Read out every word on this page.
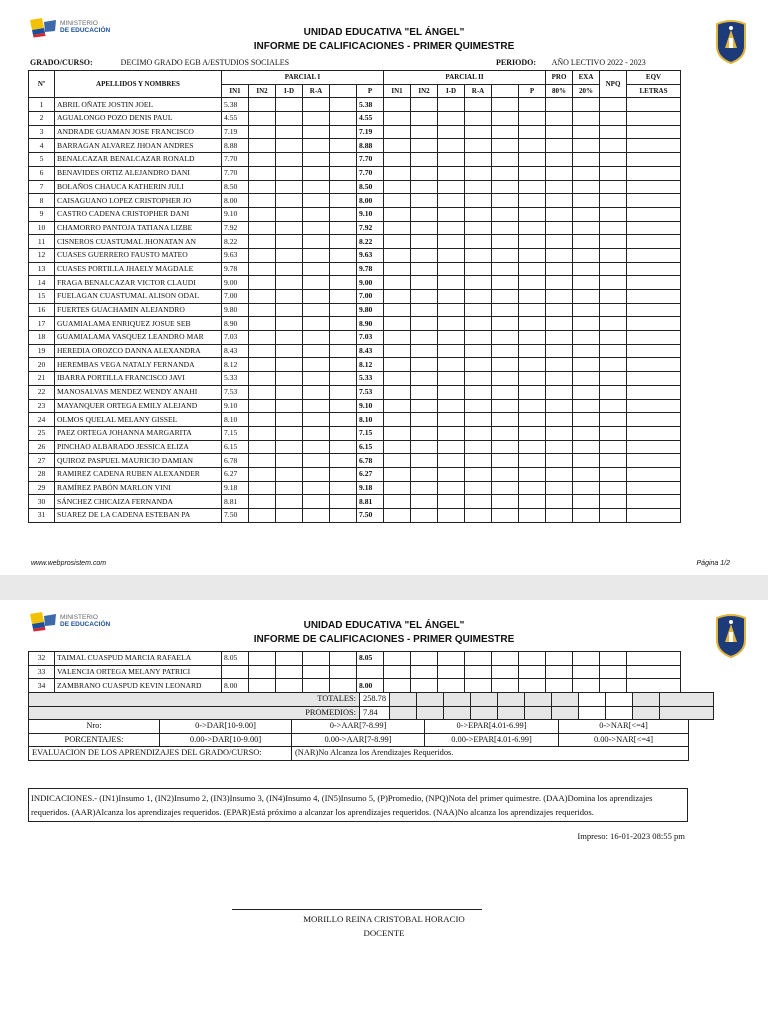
MINISTERIO
DE EDUCACIÓN	UNIDAD EDUCATIVA "EL ÁNGEL"
INFORME DE CALIFICACIONES - PRIMER QUIMESTRE
GRADO/CURSO:	DECIMO GRADO EGB A/ESTUDIOS SOCIALES	PERIODO: AÑO LECTIVO 2022 - 2023
Nº	APELLIDOS Y NOMBRES	PARCIAL I						PARCIAL II						PRO	EXA	NPQ	EQV
		IN1	IN2	I-D	R-A		P	IN1	IN2	I-D	R-A		P	80%	20%		LETRAS
1	ABRIL OÑATE JOSTIN JOEL	5.38					5.38										
2	AGUALONGO POZO DENIS PAUL	4.55					4.55										
3	ANDRADE GUAMAN JOSE FRANCISCO	7.19					7.19										
4	BARRAGAN ALVAREZ JHOAN ANDRES	8.88					8.88										
5	BENALCAZAR BENALCAZAR RONALD	7.70					7.70										
6	BENAVIDES ORTIZ ALEJANDRO DANI	7.70					7.70										
7	BOLAÑOS CHAUCA KATHERIN JULI	8.50					8.50										
8	CAISAGUANO LOPEZ CRISTOPHER JO	8.00					8.00										
9	CASTRO CADENA CRISTOPHER DANI	9.10					9.10										
10	CHAMORRO PANTOJA TATIANA LIZBE	7.92					7.92										
11	CISNEROS CUASTUMAL JHONATAN AN	8.22					8.22										
12	CUASES GUERRERO FAUSTO MATEO	9.63					9.63										
13	CUASES PORTILLA JHAELY MAGDALE	9.78					9.78										
14	FRAGA BENALCAZAR VICTOR CLAUDI	9.00					9.00										
15	FUELAGAN CUASTUMAL ALISON ODAL	7.00					7.00										
16	FUERTES GUACHAMIN ALEJANDRO	9.80					9.80										
17	GUAMIALAMA ENRIQUEZ JOSUE SEB	8.90					8.90										
18	GUAMIALAMA VASQUEZ LEANDRO MAR	7.03					7.03										
19	HEREDIA OROZCO DANNA ALEXANDRA	8.43					8.43										
20	HEREMBAS VEGA NATALY FERNANDA	8.12					8.12										
21	IBARRA PORTILLA FRANCISCO JAVI	5.33					5.33										
22	MANOSALVAS MENDEZ WENDY ANAHI	7.53					7.53										
23	MAYANQUER ORTEGA EMILY ALEJAND	9.10					9.10										
24	OLMOS QUELAL MELANY GISSEL	8.10					8.10										
25	PAEZ ORTEGA JOHANNA MARGARITA	7.15					7.15										
26	PINCHAO ALBARADO JESSICA ELIZA	6.15					6.15										
27	QUIROZ PASPUEL MAURICIO DAMIAN	6.78					6.78										
28	RAMIREZ CADENA RUBEN ALEXANDER	6.27					6.27										
29	RAMÍREZ PABÓN MARLON VINI	9.18					9.18										
30	SÁNCHEZ CHICAIZA FERNANDA	8.81					8.81										
31	SUAREZ DE LA CADENA ESTEBAN PA	7.50					7.50										
www.webprosistem.com	Página 1/2
MINISTERIO
DE EDUCACIÓN	UNIDAD EDUCATIVA "EL ÁNGEL"
INFORME DE CALIFICACIONES - PRIMER QUIMESTRE
32	TAIMAL CUASPUD MARCIA RAFAELA	8.05					8.05										
33	VALENCIA ORTEGA MELANY PATRICI																
34	ZAMBRANO CUASPUD KEVIN LEONARD	8.00					8.00										
TOTALES:	258.78											
PROMEDIOS:	7.84											
Nro:	0->DAR[10-9.00]	0->AAR[7-8.99]	0->EPAR[4.01-6.99]	0->NAR[<=4]
PORCENTAJES:	0.00->DAR[10-9.00]	0.00->AAR[7-8.99]	0.00->EPAR[4.01-6.99]	0.00->NAR[<=4]
EVALUACION DE LOS APRENDIZAJES DEL GRADO/CURSO:		(NAR)No Alcanza los Arendizajes Requeridos.		
INDICACIONES.- (IN1)Insumo 1, (IN2)Insumo 2, (IN3)Insumo 3, (IN4)Insumo 4, (IN5)Insumo 5, (P)Promedio, (NPQ)Nota del primer quimestre. (DAA)Domina los aprendizajes requeridos. (AAR)Alcanza los aprendizajes requeridos. (EPAR)Está próximo a alcanzar los aprendizajes requeridos. (NAA)No alcanza los aprendizajes requeridos.
Impreso: 16-01-2023 08:55 pm
MORILLO REINA CRISTOBAL HORACIO
DOCENTE
